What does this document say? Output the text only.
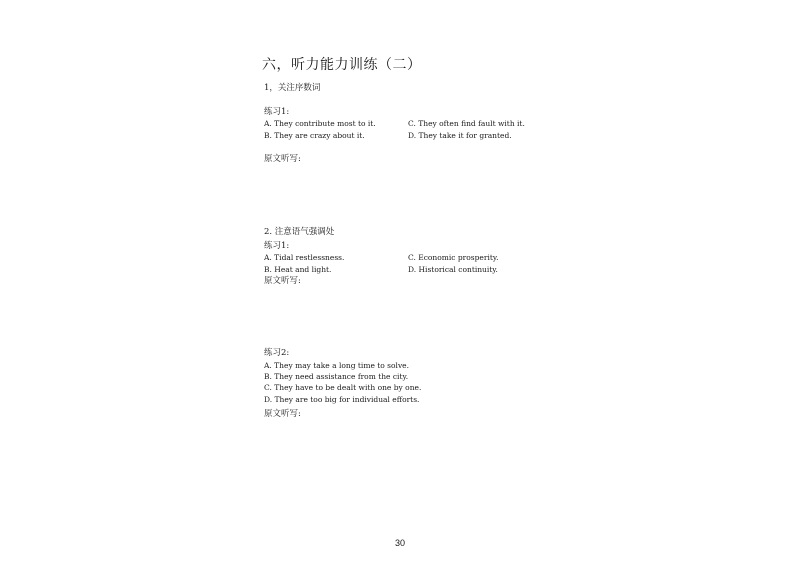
六，听力能力训练（二）
1，关注序数词
练习1:
A. They contribute most to it.	C. They often find fault with it.
B. They are crazy about it.	D. They take it for granted.
原文听写:
2. 注意语气强调处
练习1:
A. Tidal restlessness.	C. Economic prosperity.
B. Heat and light.	D. Historical continuity.
原文听写:
练习2:
A. They may take a long time to solve.
B. They need assistance from the city.
C. They have to be dealt with one by one.
D. They are too big for individual efforts.
原文听写:
30
